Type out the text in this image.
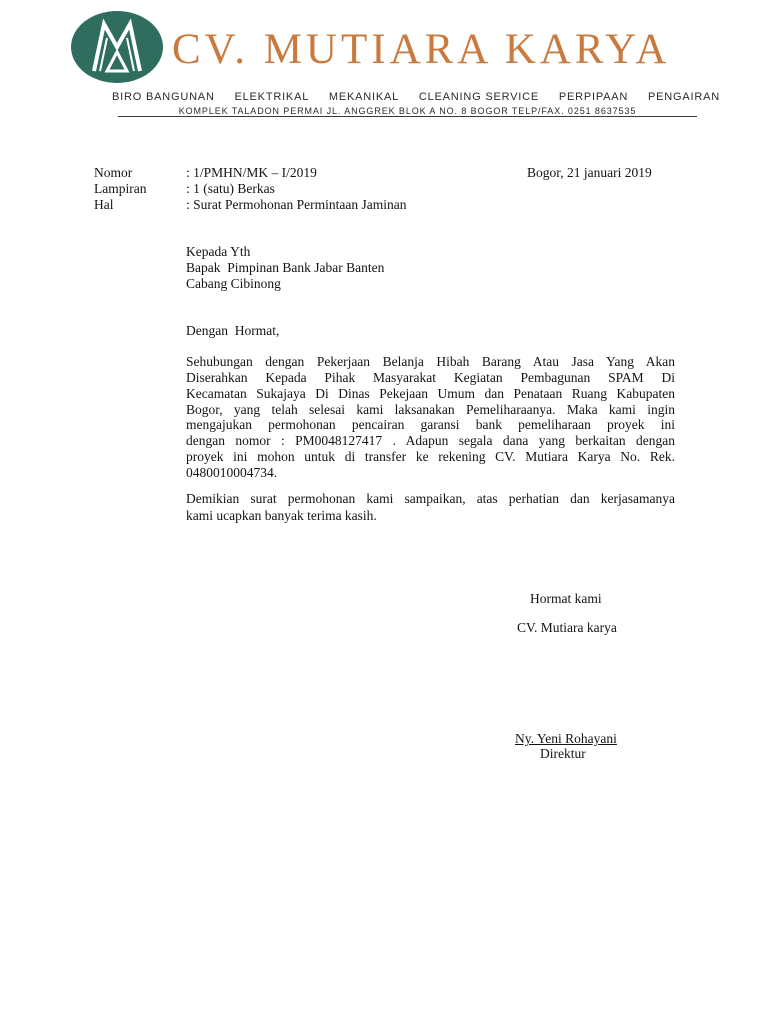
CV. MUTIARA KARYA
BIRO BANGUNAN ELEKTRIKAL MEKANIKAL CLEANING SERVICE PERPIPAAN PENGAIRAN
KOMPLEK TALADON PERMAI JL. ANGGREK BLOK A NO. 8 BOGOR TELP/FAX. 0251 8637535
Nomor	: 1/PMHN/MK – I/2019	Bogor, 21 januari 2019
Lampiran	: 1 (satu) Berkas
Hal	: Surat Permohonan Permintaan Jaminan
Kepada Yth
Bapak  Pimpinan Bank Jabar Banten
Cabang Cibinong
Dengan  Hormat,
Sehubungan dengan Pekerjaan Belanja Hibah Barang Atau Jasa Yang Akan
Diserahkan Kepada Pihak Masyarakat Kegiatan Pembagunan SPAM Di
Kecamatan Sukajaya Di Dinas Pekejaan Umum dan Penataan Ruang Kabupaten
Bogor, yang telah selesai kami laksanakan Pemeliharaanya. Maka kami ingin
mengajukan permohonan pencairan garansi bank pemeliharaan proyek ini
dengan nomor : PM0048127417 . Adapun segala dana yang berkaitan dengan
proyek ini mohon untuk di transfer ke rekening CV. Mutiara Karya No. Rek.
0480010004734.
Demikian surat permohonan kami sampaikan, atas perhatian dan kerjasamanya
kami ucapkan banyak terima kasih.
Hormat kami
CV. Mutiara karya
Ny. Yeni Rohayani
Direktur
